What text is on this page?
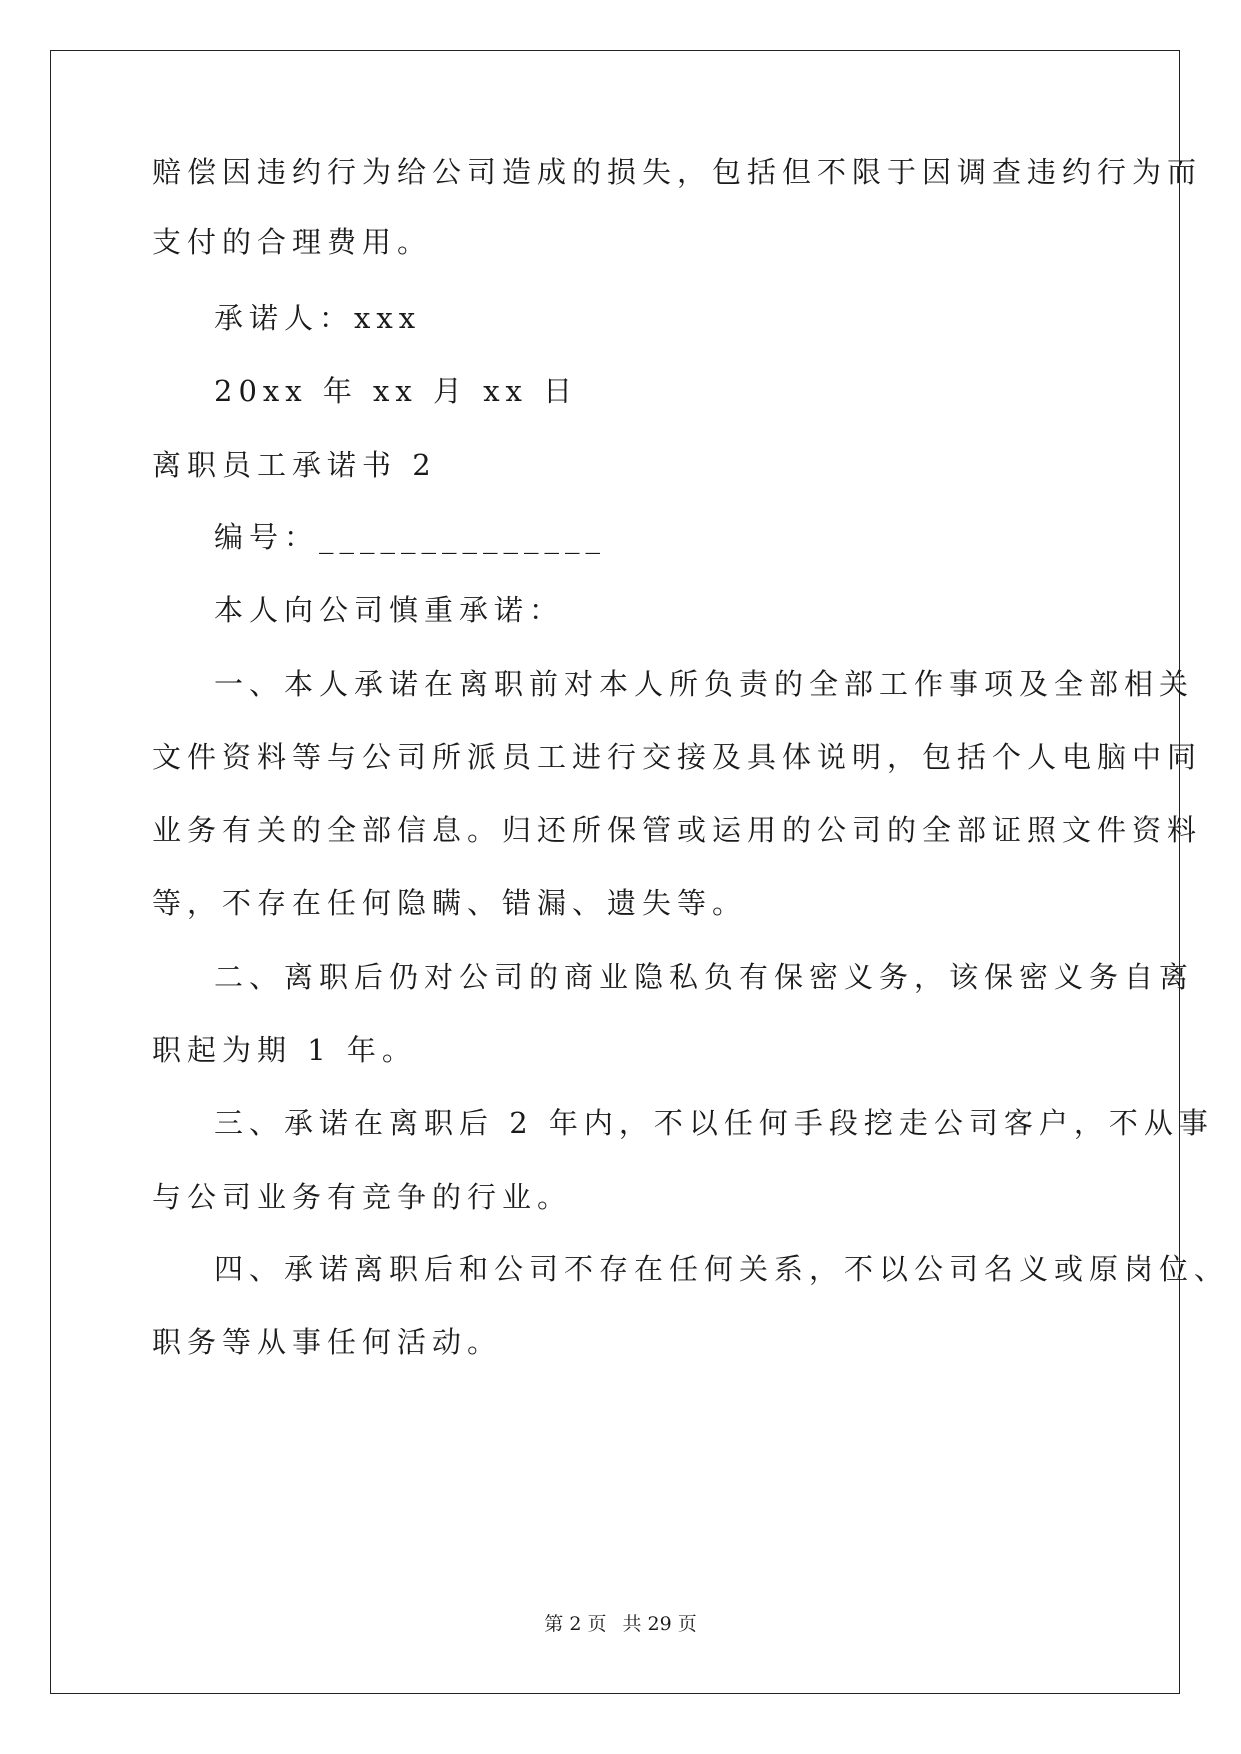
赔偿因违约行为给公司造成的损失，包括但不限于因调查违约行为而
支付的合理费用。
承诺人：xxx
20xx 年 xx 月 xx 日
离职员工承诺书 2
编号：______________
本人向公司慎重承诺：
一、本人承诺在离职前对本人所负责的全部工作事项及全部相关
文件资料等与公司所派员工进行交接及具体说明，包括个人电脑中同
业务有关的全部信息。归还所保管或运用的公司的全部证照文件资料
等，不存在任何隐瞒、错漏、遗失等。
二、离职后仍对公司的商业隐私负有保密义务，该保密义务自离
职起为期 1 年。
三、承诺在离职后 2 年内，不以任何手段挖走公司客户，不从事
与公司业务有竞争的行业。
四、承诺离职后和公司不存在任何关系，不以公司名义或原岗位、
职务等从事任何活动。
第 2 页 共 29 页
